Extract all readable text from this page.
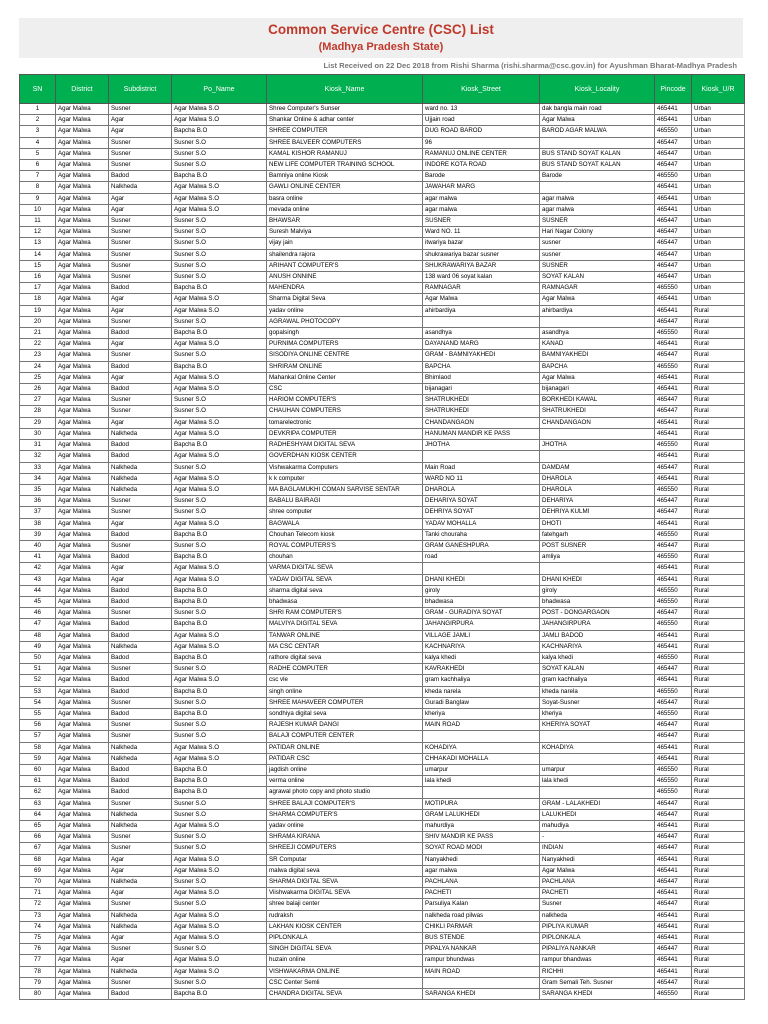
Common Service Centre (CSC) List
(Madhya Pradesh State)
List Received on 22 Dec 2018 from Rishi Sharma (rishi.sharma@csc.gov.in) for Ayushman Bharat-Madhya Pradesh
SN	District	Subdistrict	Po_Name	Kiosk_Name	Kiosk_Street	Kiosk_Locality	Pincode	Kiosk_U/R
1	Agar Malwa	Susner	Agar Malwa S.O	Shree Computer's Sunser	ward no. 13	dak bangla main road	465441	Urban
2	Agar Malwa	Agar	Agar Malwa S.O	Shankar Online & adhar center	Ujjain road	Agar Malwa	465441	Urban
3	Agar Malwa	Agar	Bapcha B.O	SHREE COMPUTER	DUG ROAD BAROD	BAROD AGAR MALWA	465550	Urban
4	Agar Malwa	Susner	Susner S.O	SHREE BALVEER COMPUTERS	96		465447	Urban
5	Agar Malwa	Susner	Susner S.O	KAMAL KISHOR RAMANUJ	RAMANUJ ONLINE CENTER	BUS STAND SOYAT KALAN	465447	Urban
6	Agar Malwa	Susner	Susner S.O	NEW LIFE COMPUTER TRAINING SCHOOL	INDORE KOTA ROAD	BUS STAND SOYAT KALAN	465447	Urban
7	Agar Malwa	Badod	Bapcha B.O	Bamniya online Kiosk	Barode	Barode	465550	Urban
8	Agar Malwa	Nalkheda	Agar Malwa S.O	GAWLI ONLINE CENTER	JAWAHAR MARG		465441	Urban
9	Agar Malwa	Agar	Agar Malwa S.O	basra online	agar malwa	agar malwa	465441	Urban
10	Agar Malwa	Agar	Agar Malwa S.O	mevada online	agar malwa	agar malwa	465441	Urban
11	Agar Malwa	Susner	Susner S.O	BHAWSAR	SUSNER	SUSNER	465447	Urban
12	Agar Malwa	Susner	Susner S.O	Suresh Malviya	Ward NO. 11	Hari Nagar Colony	465447	Urban
13	Agar Malwa	Susner	Susner S.O	vijay jain	itwariya bazar	susner	465447	Urban
14	Agar Malwa	Susner	Susner S.O	shailendra rajora	shukrawariya bazar susner	susner	465447	Urban
15	Agar Malwa	Susner	Susner S.O	ARIHANT COMPUTER'S	SHUKRAWARIYA BAZAR	SUSNER	465447	Urban
16	Agar Malwa	Susner	Susner S.O	ANUSH ONNINE	138 ward 06 soyat kalan	SOYAT KALAN	465447	Urban
17	Agar Malwa	Badod	Bapcha B.O	MAHENDRA	RAMNAGAR	RAMNAGAR	465550	Urban
18	Agar Malwa	Agar	Agar Malwa S.O	Sharma Digital Seva	Agar Malwa	Agar Malwa	465441	Urban
19	Agar Malwa	Agar	Agar Malwa S.O	yadav online	ahirbardiya	ahirbardiya	465441	Rural
20	Agar Malwa	Susner	Susner S.O	AGRAWAL PHOTOCOPY			465447	Rural
21	Agar Malwa	Badod	Bapcha B.O	gopalsingh	asandhya	asandhya	465550	Rural
22	Agar Malwa	Agar	Agar Malwa S.O	PURNIMA COMPUTERS	DAYANAND MARG	KANAD	465441	Rural
23	Agar Malwa	Susner	Susner S.O	SISODIYA ONLINE CENTRE	GRAM - BAMNIYAKHEDI	BAMNIYAKHEDI	465447	Rural
24	Agar Malwa	Badod	Bapcha B.O	SHRIRAM ONLINE	BAPCHA	BAPCHA	465550	Rural
25	Agar Malwa	Agar	Agar Malwa S.O	Mahankal Online Center	Bhimlaod	Agar Malwa	465441	Rural
26	Agar Malwa	Badod	Agar Malwa S.O	CSC	bijanagari	bijanagari	465441	Rural
27	Agar Malwa	Susner	Susner S.O	HARIOM COMPUTER'S	SHATRUKHEDI	BORKHEDI KAWAL	465447	Rural
28	Agar Malwa	Susner	Susner S.O	CHAUHAN COMPUTERS	SHATRUKHEDI	SHATRUKHEDI	465447	Rural
29	Agar Malwa	Agar	Agar Malwa S.O	tomarelectronic	CHANDANGAON	CHANDANGAON	465441	Rural
30	Agar Malwa	Nalkheda	Agar Malwa S.O	DEVKRIPA COMPUTER	HANUMAN MANDIR KE PASS		465441	Rural
31	Agar Malwa	Badod	Bapcha B.O	RADHESHYAM DIGITAL SEVA	JHOTHA	JHOTHA	465550	Rural
32	Agar Malwa	Badod	Agar Malwa S.O	GOVERDHAN KIOSK CENTER			465441	Rural
33	Agar Malwa	Nalkheda	Susner S.O	Vishwakarma Computers	Main Road	DAMDAM	465447	Rural
34	Agar Malwa	Nalkheda	Agar Malwa S.O	k k computer	WARD NO 11	DHAROLA	465441	Rural
35	Agar Malwa	Nalkheda	Agar Malwa S.O	MA BAGLAMUKHI COMAN SARVISE SENTAR	DHAROLA	DHAROLA	465550	Rural
36	Agar Malwa	Susner	Susner S.O	BABALU BAIRAGI	DEHARIYA SOYAT	DEHARIYA	465447	Rural
37	Agar Malwa	Susner	Susner S.O	shree computer	DEHRIYA SOYAT	DEHRIYA KULMI	465447	Rural
38	Agar Malwa	Agar	Agar Malwa S.O	BAGWALA	YADAV MOHALLA	DHOTI	465441	Rural
39	Agar Malwa	Badod	Bapcha B.O	Chouhan Telecom kiosk	Tanki chouraha	fatehgarh	465550	Rural
40	Agar Malwa	Susner	Susner S.O	ROYAL COMPUTERS'S	GRAM GANESHPURA	POST SUSNER	465447	Rural
41	Agar Malwa	Badod	Bapcha B.O	chouhan	road	amliya	465550	Rural
42	Agar Malwa	Agar	Agar Malwa S.O	VARMA DIGITAL SEVA			465441	Rural
43	Agar Malwa	Agar	Agar Malwa S.O	YADAV DIGITAL SEVA	DHANI KHEDI	DHANI KHEDI	465441	Rural
44	Agar Malwa	Badod	Bapcha B.O	sharma digital seva	giroly	giroly	465550	Rural
45	Agar Malwa	Badod	Bapcha B.O	bhadwasa	bhadwasa	bhadwasa	465550	Rural
46	Agar Malwa	Susner	Susner S.O	SHRI RAM COMPUTER'S	GRAM - GURADIYA SOYAT	POST - DONGARGAON	465447	Rural
47	Agar Malwa	Badod	Bapcha B.O	MALVIYA DIGITAL SEVA	JAHANGIRPURA	JAHANGIRPURA	465550	Rural
48	Agar Malwa	Badod	Agar Malwa S.O	TANWAR ONLINE	VILLAGE JAMLI	JAMLI BADOD	465441	Rural
49	Agar Malwa	Nalkheda	Agar Malwa S.O	MA CSC CENTAR	KACHNARIYA	KACHNARIYA	465441	Rural
50	Agar Malwa	Badod	Bapcha B.O	rathore digital seva	kalya khedi	kalya khedi	465550	Rural
51	Agar Malwa	Susner	Susner S.O	RADHE COMPUTER	KAVRAKHEDI	SOYAT KALAN	465447	Rural
52	Agar Malwa	Badod	Agar Malwa S.O	csc vle	gram kachhaliya	gram kachhaliya	465441	Rural
53	Agar Malwa	Badod	Bapcha B.O	singh online	kheda narela	kheda narela	465550	Rural
54	Agar Malwa	Susner	Susner S.O	SHREE MAHAVEER COMPUTER	Guradi Banglaw	Soyat-Susner	465447	Rural
55	Agar Malwa	Badod	Bapcha B.O	sondhiya digital seva	kheriya	kheriya	465550	Rural
56	Agar Malwa	Susner	Susner S.O	RAJESH KUMAR DANGI	MAIN ROAD	KHERIYA SOYAT	465447	Rural
57	Agar Malwa	Susner	Susner S.O	BALAJI COMPUTER CENTER			465447	Rural
58	Agar Malwa	Nalkheda	Agar Malwa S.O	PATIDAR ONLINE	KOHADIYA	KOHADIYA	465441	Rural
59	Agar Malwa	Nalkheda	Agar Malwa S.O	PATIDAR CSC	CHHAKADI MOHALLA		465441	Rural
60	Agar Malwa	Badod	Bapcha B.O	jagdish online	umarpur	umarpur	465550	Rural
61	Agar Malwa	Badod	Bapcha B.O	verma online	lala khedi	lala khedi	465550	Rural
62	Agar Malwa	Badod	Bapcha B.O	agrawal photo copy and photo studio			465550	Rural
63	Agar Malwa	Susner	Susner S.O	SHREE BALAJI COMPUTER'S	MOTIPURA	GRAM - LALAKHEDI	465447	Rural
64	Agar Malwa	Nalkheda	Susner S.O	SHARMA COMPUTER'S	GRAM LALUKHEDI	LALUKHEDI	465447	Rural
65	Agar Malwa	Nalkheda	Agar Malwa S.O	yadav online	mahurdiya	mahudiya	465441	Rural
66	Agar Malwa	Susner	Susner S.O	SHRAMA KIRANA	SHIV MANDIR KE PASS	-	465447	Rural
67	Agar Malwa	Susner	Susner S.O	SHREEJI COMPUTERS	SOYAT ROAD MODI	INDIAN	465447	Rural
68	Agar Malwa	Agar	Agar Malwa S.O	SR Computar	Nanyakhedi	Nanyakhedi	465441	Rural
69	Agar Malwa	Agar	Agar Malwa S.O	malwa digital seva	agar malwa	Agar Malwa	465441	Rural
70	Agar Malwa	Nalkheda	Susner S.O	SHARMA DIGITAL SEVA	PACHLANA	PACHLANA	465447	Rural
71	Agar Malwa	Agar	Agar Malwa S.O	Viishwakarma DIGITAL SEVA	PACHETI	PACHETI	465441	Rural
72	Agar Malwa	Susner	Susner S.O	shree balaji center	Parsuliya Kalan	Susner	465447	Rural
73	Agar Malwa	Nalkheda	Agar Malwa S.O	rudraksh	nalkheda road pilwas	nalkheda	465441	Rural
74	Agar Malwa	Nalkheda	Agar Malwa S.O	LAKHAN KIOSK CENTER	CHIKLI PARMAR	PIPLIYA KUMAR	465441	Rural
75	Agar Malwa	Agar	Agar Malwa S.O	PIPLONKALA	BUS STENDE	PIPLONKALA	465441	Rural
76	Agar Malwa	Susner	Susner S.O	SINGH DIGITAL SEVA	PIPALYA NANKAR	PIPALIYA NANKAR	465447	Rural
77	Agar Malwa	Agar	Agar Malwa S.O	huzain online	rampur bhundwas	rampur bhandwas	465441	Rural
78	Agar Malwa	Nalkheda	Agar Malwa S.O	VISHWAKARMA ONLINE	MAIN ROAD	RICHHI	465441	Rural
79	Agar Malwa	Susner	Susner S.O	CSC Center Semli		Gram Semali Teh. Susner	465447	Rural
80	Agar Malwa	Badod	Bapcha B.O	CHANDRA DIGITAL SEVA	SARANGA KHEDI	SARANGA KHEDI	465550	Rural
